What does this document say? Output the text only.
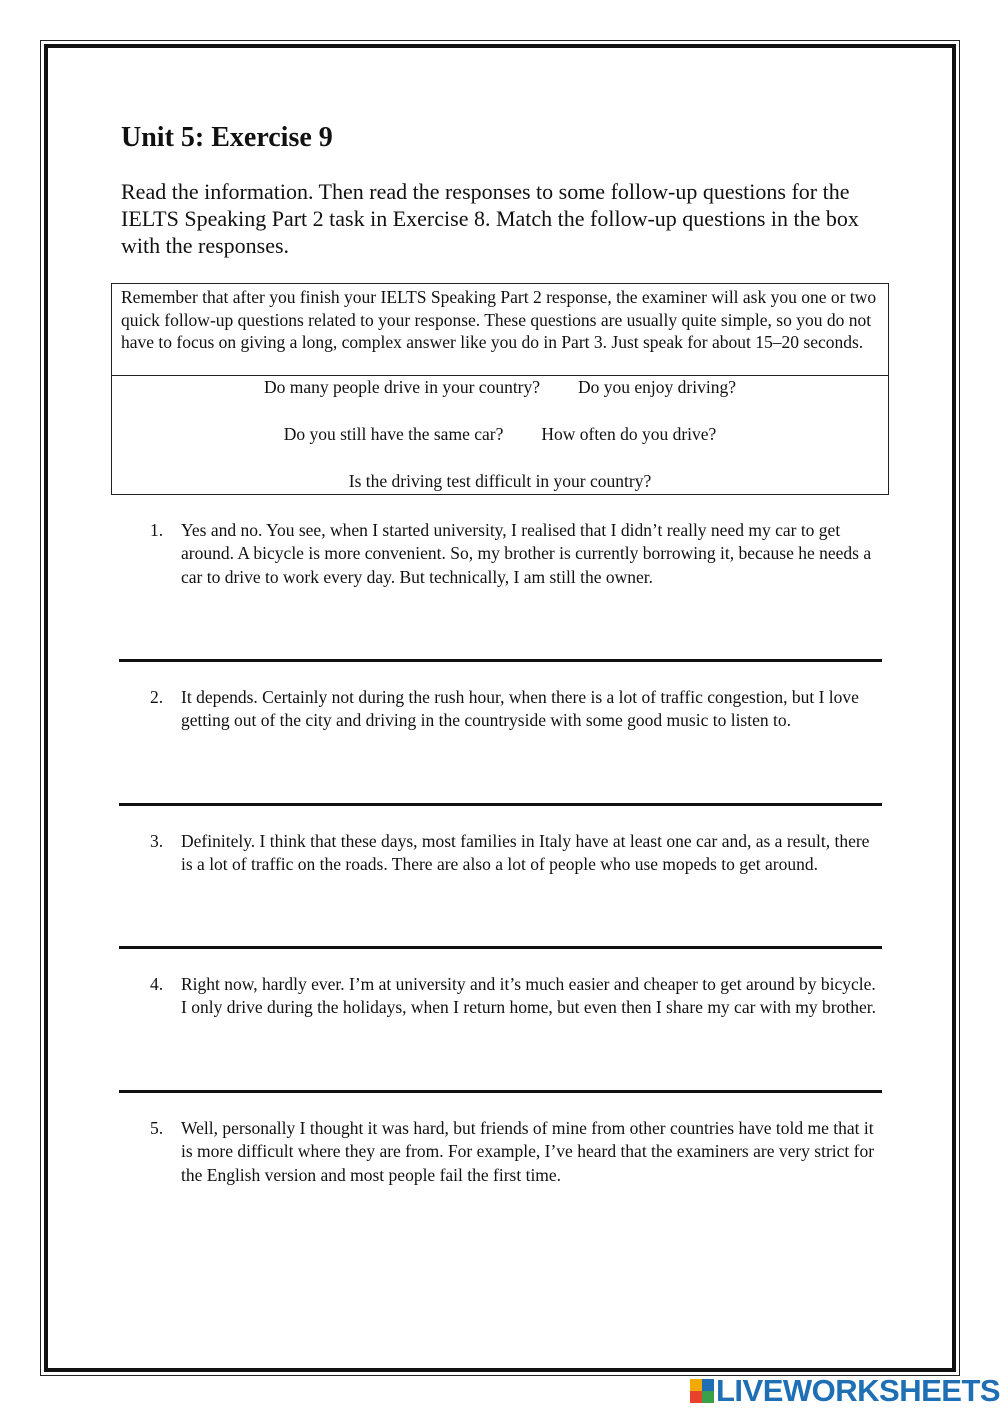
Unit 5: Exercise 9

Read the information. Then read the responses to some follow-up questions for the IELTS Speaking Part 2 task in Exercise 8. Match the follow-up questions in the box with the responses.

Remember that after you finish your IELTS Speaking Part 2 response, the examiner will ask you one or two quick follow-up questions related to your response. These questions are usually quite simple, so you do not have to focus on giving a long, complex answer like you do in Part 3. Just speak for about 15–20 seconds.

Do many people drive in your country? Do you enjoy driving?

Do you still have the same car? How often do you drive?

Is the driving test difficult in your country?

1.	Yes and no. You see, when I started university, I realised that I didn’t really need my car to get around. A bicycle is more convenient. So, my brother is currently borrowing it, because he needs a car to drive to work every day. But technically, I am still the owner.
2.	It depends. Certainly not during the rush hour, when there is a lot of traffic congestion, but I love getting out of the city and driving in the countryside with some good music to listen to.
3.	Definitely. I think that these days, most families in Italy have at least one car and, as a result, there is a lot of traffic on the roads. There are also a lot of people who use mopeds to get around.
4.	Right now, hardly ever. I’m at university and it’s much easier and cheaper to get around by bicycle. I only drive during the holidays, when I return home, but even then I share my car with my brother.
5.	Well, personally I thought it was hard, but friends of mine from other countries have told me that it is more difficult where they are from. For example, I’ve heard that the examiners are very strict for the English version and most people fail the first time.
LIVEWORKSHEETS
